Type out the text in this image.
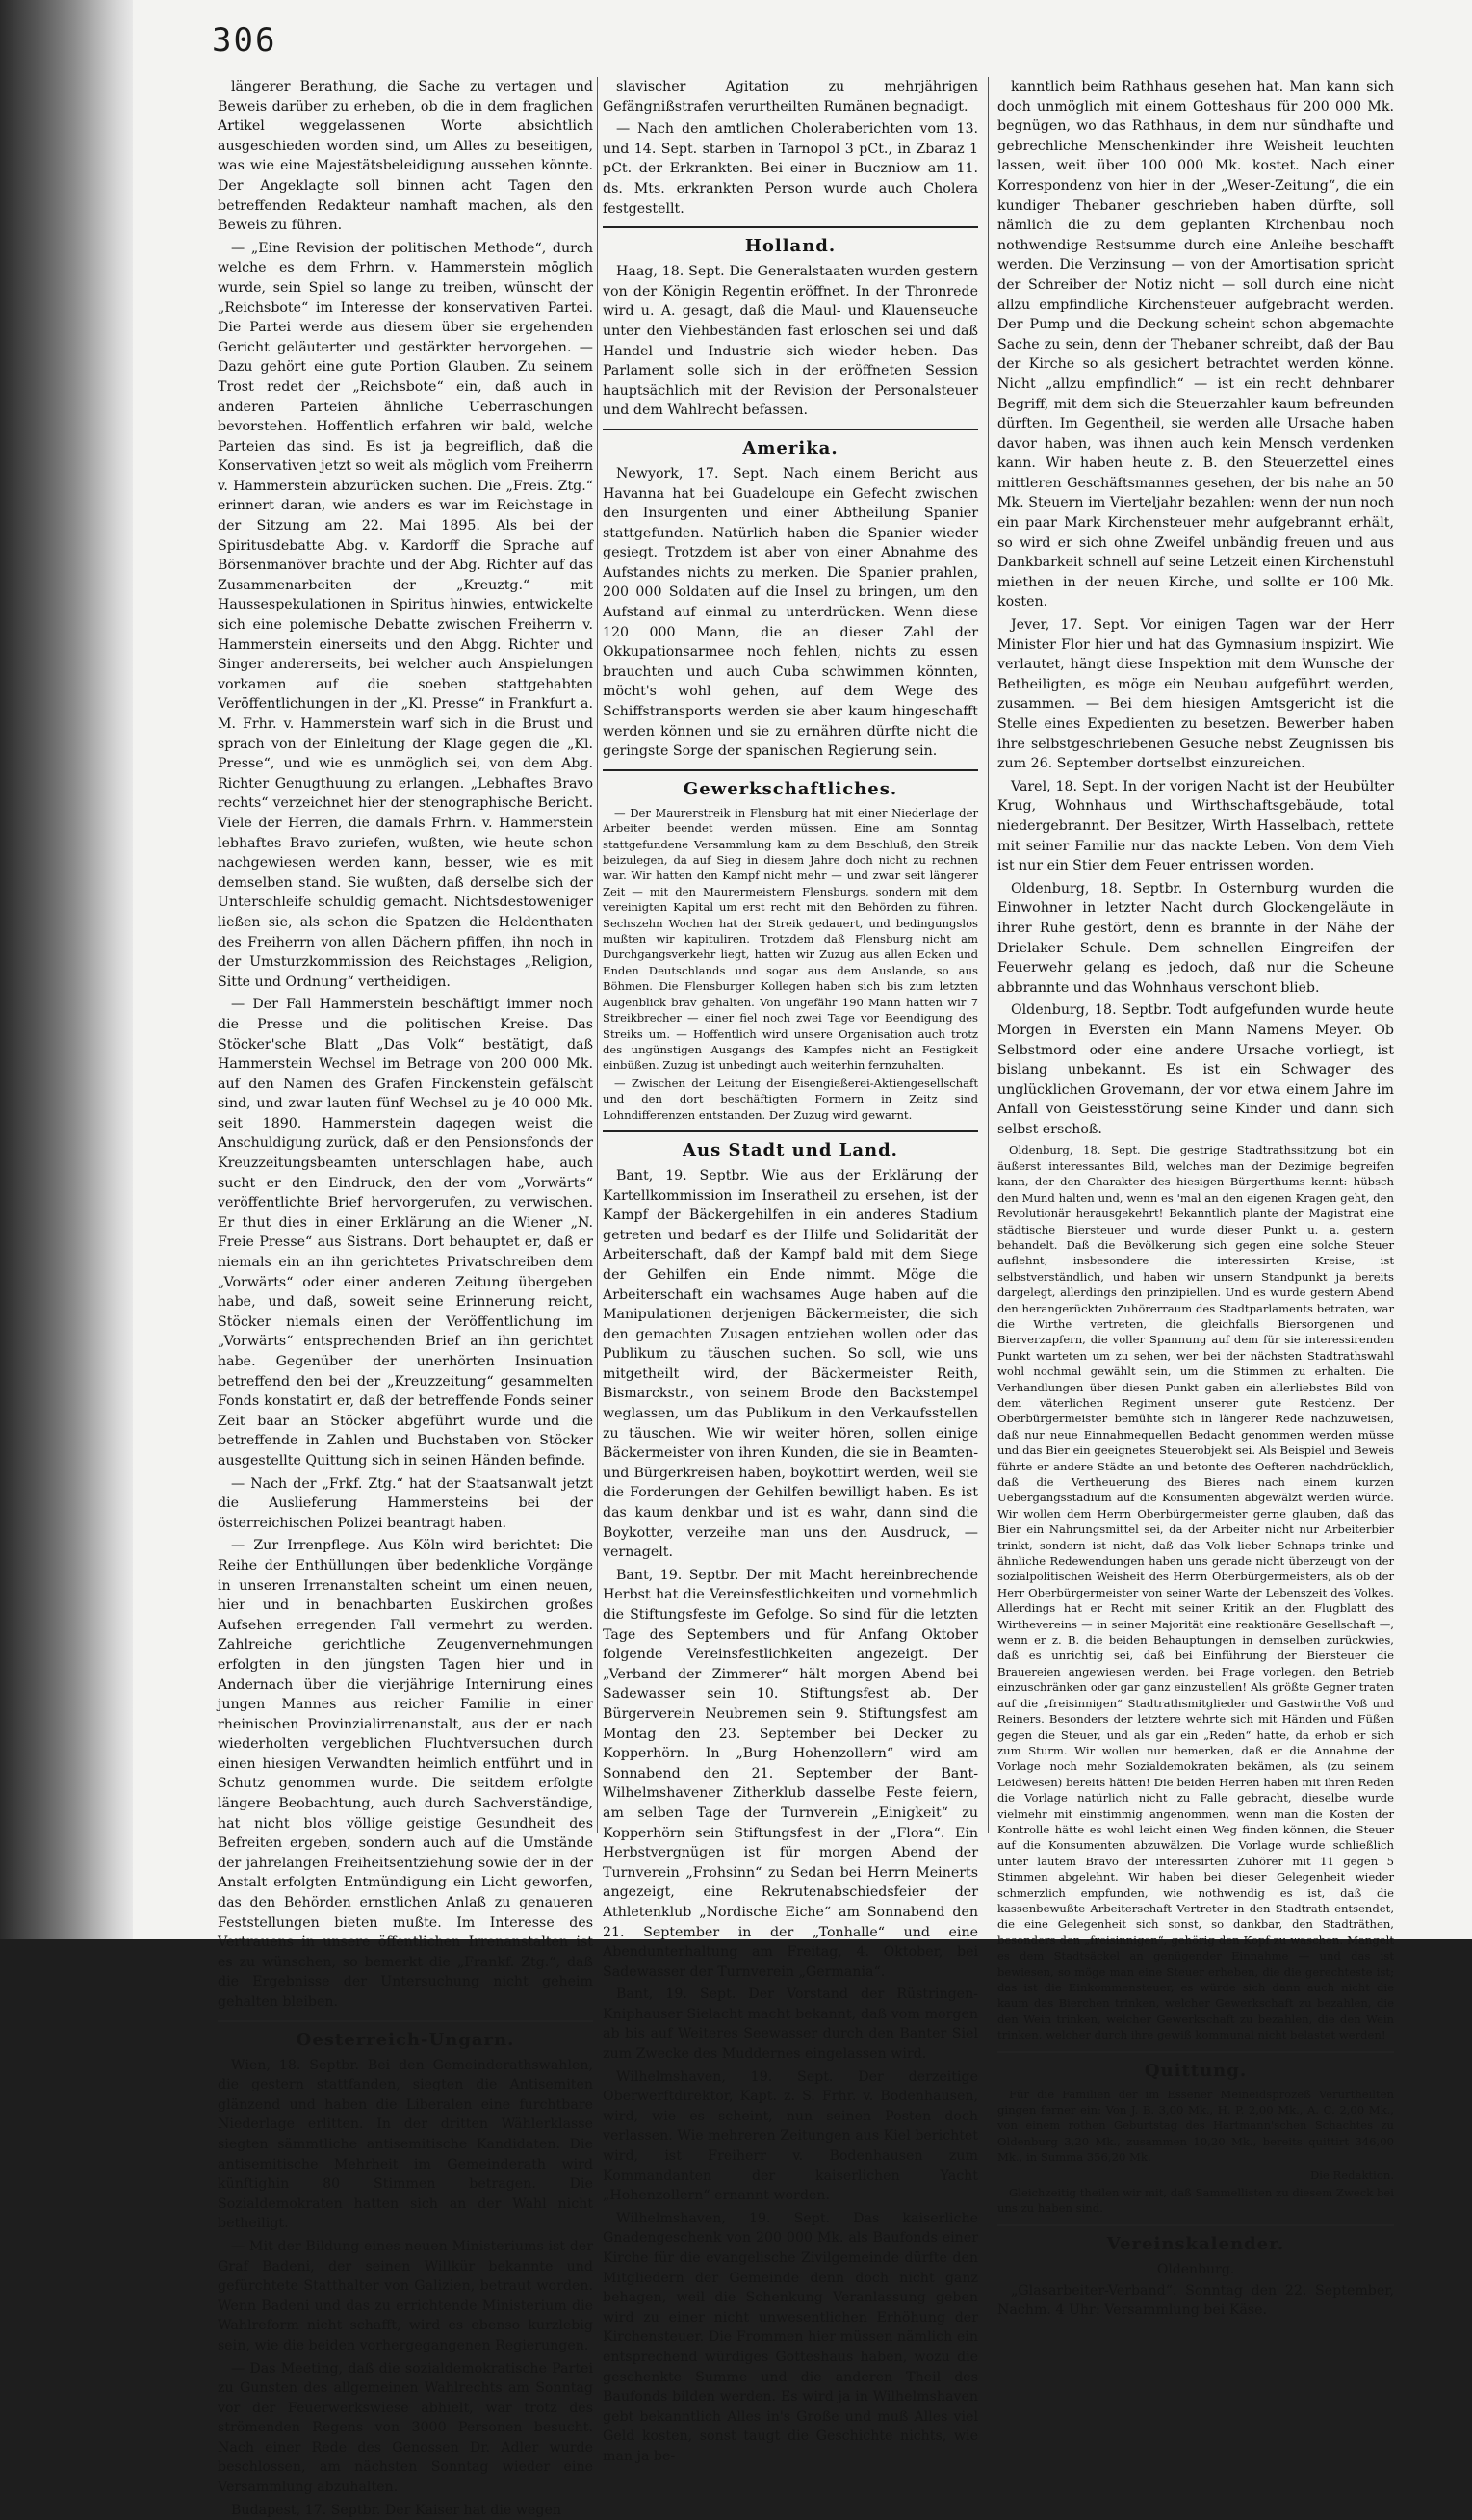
306

längerer Berathung, die Sache zu vertagen und Beweis darüber zu erheben, ob die in dem fraglichen Artikel weggelassenen Worte absichtlich ausgeschieden worden sind, um Alles zu beseitigen, was wie eine Majestätsbeleidigung aussehen könnte. Der Angeklagte soll binnen acht Tagen den betreffenden Redakteur namhaft machen, als den Beweis zu führen.

— „Eine Revision der politischen Methode“, durch welche es dem Frhrn. v. Hammerstein möglich wurde, sein Spiel so lange zu treiben, wünscht der „Reichsbote“ im Interesse der konservativen Partei. Die Partei werde aus diesem über sie ergehenden Gericht geläuterter und gestärkter hervorgehen. — Dazu gehört eine gute Portion Glauben. Zu seinem Trost redet der „Reichsbote“ ein, daß auch in anderen Parteien ähnliche Ueberraschungen bevorstehen. Hoffentlich erfahren wir bald, welche Parteien das sind. Es ist ja begreiflich, daß die Konservativen jetzt so weit als möglich vom Freiherrn v. Hammerstein abzurücken suchen. Die „Freis. Ztg.“ erinnert daran, wie anders es war im Reichstage in der Sitzung am 22. Mai 1895. Als bei der Spiritusdebatte Abg. v. Kardorff die Sprache auf Börsenmanöver brachte und der Abg. Richter auf das Zusammenarbeiten der „Kreuztg.“ mit Haussespekulationen in Spiritus hinwies, entwickelte sich eine polemische Debatte zwischen Freiherrn v. Hammerstein einerseits und den Abgg. Richter und Singer andererseits, bei welcher auch Anspielungen vorkamen auf die soeben stattgehabten Veröffentlichungen in der „Kl. Presse“ in Frankfurt a. M. Frhr. v. Hammerstein warf sich in die Brust und sprach von der Einleitung der Klage gegen die „Kl. Presse“, und wie es unmöglich sei, von dem Abg. Richter Genugthuung zu erlangen. „Lebhaftes Bravo rechts“ verzeichnet hier der stenographische Bericht. Viele der Herren, die damals Frhrn. v. Hammerstein lebhaftes Bravo zuriefen, wußten, wie heute schon nachgewiesen werden kann, besser, wie es mit demselben stand. Sie wußten, daß derselbe sich der Unterschleife schuldig gemacht. Nichtsdestoweniger ließen sie, als schon die Spatzen die Heldenthaten des Freiherrn von allen Dächern pfiffen, ihn noch in der Umsturzkommission des Reichstages „Religion, Sitte und Ordnung“ vertheidigen.

— Der Fall Hammerstein beschäftigt immer noch die Presse und die politischen Kreise. Das Stöcker'sche Blatt „Das Volk“ bestätigt, daß Hammerstein Wechsel im Betrage von 200 000 Mk. auf den Namen des Grafen Finckenstein gefälscht sind, und zwar lauten fünf Wechsel zu je 40 000 Mk. seit 1890. Hammerstein dagegen weist die Anschuldigung zurück, daß er den Pensionsfonds der Kreuzzeitungsbeamten unterschlagen habe, auch sucht er den Eindruck, den der vom „Vorwärts“ veröffentlichte Brief hervorgerufen, zu verwischen. Er thut dies in einer Erklärung an die Wiener „N. Freie Presse“ aus Sistrans. Dort behauptet er, daß er niemals ein an ihn gerichtetes Privatschreiben dem „Vorwärts“ oder einer anderen Zeitung übergeben habe, und daß, soweit seine Erinnerung reicht, Stöcker niemals einen der Veröffentlichung im „Vorwärts“ entsprechenden Brief an ihn gerichtet habe. Gegenüber der unerhörten Insinuation betreffend den bei der „Kreuzzeitung“ gesammelten Fonds konstatirt er, daß der betreffende Fonds seiner Zeit baar an Stöcker abgeführt wurde und die betreffende in Zahlen und Buchstaben von Stöcker ausgestellte Quittung sich in seinen Händen befinde.

— Nach der „Frkf. Ztg.“ hat der Staatsanwalt jetzt die Auslieferung Hammersteins bei der österreichischen Polizei beantragt haben.

— Zur Irrenpflege. Aus Köln wird berichtet: Die Reihe der Enthüllungen über bedenkliche Vorgänge in unseren Irrenanstalten scheint um einen neuen, hier und in benachbarten Euskirchen großes Aufsehen erregenden Fall vermehrt zu werden. Zahlreiche gerichtliche Zeugenvernehmungen erfolgten in den jüngsten Tagen hier und in Andernach über die vierjährige Internirung eines jungen Mannes aus reicher Familie in einer rheinischen Provinzialirrenanstalt, aus der er nach wiederholten vergeblichen Fluchtversuchen durch einen hiesigen Verwandten heimlich entführt und in Schutz genommen wurde. Die seitdem erfolgte längere Beobachtung, auch durch Sachverständige, hat nicht blos völlige geistige Gesundheit des Befreiten ergeben, sondern auch auf die Umstände der jahrelangen Freiheitsentziehung sowie der in der Anstalt erfolgten Entmündigung ein Licht geworfen, das den Behörden ernstlichen Anlaß zu genaueren Feststellungen bieten mußte. Im Interesse des Vertrauens in unsere öffentlichen Irrenanstalten ist es zu wünschen, so bemerkt die „Frankf. Ztg.“, daß die Ergebnisse der Untersuchung nicht geheim gehalten bleiben.

Oesterreich-Ungarn.

Wien, 18. Septbr. Bei den Gemeinderathswahlen, die gestern stattfanden, siegten die Antisemiten glänzend und haben die Liberalen eine furchtbare Niederlage erlitten. In der dritten Wählerklasse siegten sämmtliche antisemitische Kandidaten. Die antisemitische Mehrheit im Gemeinderath wird künftighin 80 Stimmen betragen. Die Sozialdemokraten hatten sich an der Wahl nicht betheiligt.

— Mit der Bildung eines neuen Ministeriums ist der Graf Badeni, der seinen Willkür bekannte und gefürchtete Statthalter von Galizien, betraut worden. Wenn Badeni und das zu errichtende Ministerium die Wahlreform nicht schafft, wird es ebenso kurzlebig sein, wie die beiden vorhergegangenen Regierungen.

— Das Meeting, daß die sozialdemokratische Partei zu Gunsten des allgemeinen Wahlrechts am Sonntag vor der Feuerwerkswiese abhielt, war trotz des strömenden Regens von 3000 Personen besucht. Nach einer Rede des Genossen Dr. Adler wurde beschlossen, am nächsten Sonntag wieder eine Versammlung abzuhalten.

Budapest, 17. Septbr. Der Kaiser hat die wegen

slavischer Agitation zu mehrjährigen Gefängnißstrafen verurtheilten Rumänen begnadigt.

— Nach den amtlichen Choleraberichten vom 13. und 14. Sept. starben in Tarnopol 3 pCt., in Zbaraz 1 pCt. der Erkrankten. Bei einer in Buczniow am 11. ds. Mts. erkrankten Person wurde auch Cholera festgestellt.

Holland.

Haag, 18. Sept. Die Generalstaaten wurden gestern von der Königin Regentin eröffnet. In der Thronrede wird u. A. gesagt, daß die Maul- und Klauenseuche unter den Viehbeständen fast erloschen sei und daß Handel und Industrie sich wieder heben. Das Parlament solle sich in der eröffneten Session hauptsächlich mit der Revision der Personalsteuer und dem Wahlrecht befassen.

Amerika.

Newyork, 17. Sept. Nach einem Bericht aus Havanna hat bei Guadeloupe ein Gefecht zwischen den Insurgenten und einer Abtheilung Spanier stattgefunden. Natürlich haben die Spanier wieder gesiegt. Trotzdem ist aber von einer Abnahme des Aufstandes nichts zu merken. Die Spanier prahlen, 200 000 Soldaten auf die Insel zu bringen, um den Aufstand auf einmal zu unterdrücken. Wenn diese 120 000 Mann, die an dieser Zahl der Okkupationsarmee noch fehlen, nichts zu essen brauchten und auch Cuba schwimmen könnten, möcht's wohl gehen, auf dem Wege des Schiffstransports werden sie aber kaum hingeschafft werden können und sie zu ernähren dürfte nicht die geringste Sorge der spanischen Regierung sein.

Gewerkschaftliches.

— Der Maurerstreik in Flensburg hat mit einer Niederlage der Arbeiter beendet werden müssen. Eine am Sonntag stattgefundene Versammlung kam zu dem Beschluß, den Streik beizulegen, da auf Sieg in diesem Jahre doch nicht zu rechnen war. Wir hatten den Kampf nicht mehr — und zwar seit längerer Zeit — mit den Maurermeistern Flensburgs, sondern mit dem vereinigten Kapital um erst recht mit den Behörden zu führen. Sechszehn Wochen hat der Streik gedauert, und bedingungslos mußten wir kapituliren. Trotzdem daß Flensburg nicht am Durchgangsverkehr liegt, hatten wir Zuzug aus allen Ecken und Enden Deutschlands und sogar aus dem Auslande, so aus Böhmen. Die Flensburger Kollegen haben sich bis zum letzten Augenblick brav gehalten. Von ungefähr 190 Mann hatten wir 7 Streikbrecher — einer fiel noch zwei Tage vor Beendigung des Streiks um. — Hoffentlich wird unsere Organisation auch trotz des ungünstigen Ausgangs des Kampfes nicht an Festigkeit einbüßen. Zuzug ist unbedingt auch weiterhin fernzuhalten.

— Zwischen der Leitung der Eisengießerei-Aktiengesellschaft und den dort beschäftigten Formern in Zeitz sind Lohndifferenzen entstanden. Der Zuzug wird gewarnt.

Aus Stadt und Land.

Bant, 19. Septbr. Wie aus der Erklärung der Kartellkommission im Inseratheil zu ersehen, ist der Kampf der Bäckergehilfen in ein anderes Stadium getreten und bedarf es der Hilfe und Solidarität der Arbeiterschaft, daß der Kampf bald mit dem Siege der Gehilfen ein Ende nimmt. Möge die Arbeiterschaft ein wachsames Auge haben auf die Manipulationen derjenigen Bäckermeister, die sich den gemachten Zusagen entziehen wollen oder das Publikum zu täuschen suchen. So soll, wie uns mitgetheilt wird, der Bäckermeister Reith, Bismarckstr., von seinem Brode den Backstempel weglassen, um das Publikum in den Verkaufsstellen zu täuschen. Wie wir weiter hören, sollen einige Bäckermeister von ihren Kunden, die sie in Beamten- und Bürgerkreisen haben, boykottirt werden, weil sie die Forderungen der Gehilfen bewilligt haben. Es ist das kaum denkbar und ist es wahr, dann sind die Boykotter, verzeihe man uns den Ausdruck, — vernagelt.

Bant, 19. Septbr. Der mit Macht hereinbrechende Herbst hat die Vereinsfestlichkeiten und vornehmlich die Stiftungsfeste im Gefolge. So sind für die letzten Tage des Septembers und für Anfang Oktober folgende Vereinsfestlichkeiten angezeigt. Der „Verband der Zimmerer“ hält morgen Abend bei Sadewasser sein 10. Stiftungsfest ab. Der Bürgerverein Neubremen sein 9. Stiftungsfest am Montag den 23. September bei Decker zu Kopperhörn. In „Burg Hohenzollern“ wird am Sonnabend den 21. September der Bant-Wilhelmshavener Zitherklub dasselbe Feste feiern, am selben Tage der Turnverein „Einigkeit“ zu Kopperhörn sein Stiftungsfest in der „Flora“. Ein Herbstvergnügen ist für morgen Abend der Turnverein „Frohsinn“ zu Sedan bei Herrn Meinerts angezeigt, eine Rekrutenabschiedsfeier der Athletenklub „Nordische Eiche“ am Sonnabend den 21. September in der „Tonhalle“ und eine Abendunterhaltung am Freitag, 4. Oktober, bei Sadewasser der Turnverein „Germania“.

Bant, 19. Sept. Der Vorstand der Rüstringen-Kniphauser Sielacht macht bekannt, daß vom morgen ab bis auf Weiteres Seewasser durch den Banter Siel zum Zwecke des Muddernes eingelassen wird.

Wilhelmshaven, 19. Sept. Der derzeitige Oberwerftdirektor, Kapt. z. S. Frhr. v. Bodenhausen, wird, wie es scheint, nun seinen Posten doch verlassen. Wie mehreren Zeitungen aus Kiel berichtet wird, ist Freiherr v. Bodenhausen zum Kommandanten der kaiserlichen Yacht „Hohenzollern“ ernannt worden.

Wilhelmshaven, 19. Sept. Das kaiserliche Gnadengeschenk von 200 000 Mk. als Baufonds einer Kirche für die evangelische Zivilgemeinde dürfte den Mitgliedern der Gemeinde denn doch nicht ganz behagen, weil die Schenkung Veranlassung geben wird zu einer nicht unwesentlichen Erhöhung der Kirchensteuer. Die Frommen hier müssen nämlich ein entsprechend würdiges Gotteshaus haben, wozu die geschenkte Summe und die anderen Theil des Baufonds bilden werden. Es wird ja in Wilhelmshaven gebt bekanntlich Alles in's Große und muß Alles viel Geld kosten, sonst taugt die Geschichte nichts, wie man ja be-

kanntlich beim Rathhaus gesehen hat. Man kann sich doch unmöglich mit einem Gotteshaus für 200 000 Mk. begnügen, wo das Rathhaus, in dem nur sündhafte und gebrechliche Menschenkinder ihre Weisheit leuchten lassen, weit über 100 000 Mk. kostet. Nach einer Korrespondenz von hier in der „Weser-Zeitung“, die ein kundiger Thebaner geschrieben haben dürfte, soll nämlich die zu dem geplanten Kirchenbau noch nothwendige Restsumme durch eine Anleihe beschafft werden. Die Verzinsung — von der Amortisation spricht der Schreiber der Notiz nicht — soll durch eine nicht allzu empfindliche Kirchensteuer aufgebracht werden. Der Pump und die Deckung scheint schon abgemachte Sache zu sein, denn der Thebaner schreibt, daß der Bau der Kirche so als gesichert betrachtet werden könne. Nicht „allzu empfindlich“ — ist ein recht dehnbarer Begriff, mit dem sich die Steuerzahler kaum befreunden dürften. Im Gegentheil, sie werden alle Ursache haben davor haben, was ihnen auch kein Mensch verdenken kann. Wir haben heute z. B. den Steuerzettel eines mittleren Geschäftsmannes gesehen, der bis nahe an 50 Mk. Steuern im Vierteljahr bezahlen; wenn der nun noch ein paar Mark Kirchensteuer mehr aufgebrannt erhält, so wird er sich ohne Zweifel unbändig freuen und aus Dankbarkeit schnell auf seine Letzeit einen Kirchenstuhl miethen in der neuen Kirche, und sollte er 100 Mk. kosten.

Jever, 17. Sept. Vor einigen Tagen war der Herr Minister Flor hier und hat das Gymnasium inspizirt. Wie verlautet, hängt diese Inspektion mit dem Wunsche der Betheiligten, es möge ein Neubau aufgeführt werden, zusammen. — Bei dem hiesigen Amtsgericht ist die Stelle eines Expedienten zu besetzen. Bewerber haben ihre selbstgeschriebenen Gesuche nebst Zeugnissen bis zum 26. September dortselbst einzureichen.

Varel, 18. Sept. In der vorigen Nacht ist der Heubülter Krug, Wohnhaus und Wirthschaftsgebäude, total niedergebrannt. Der Besitzer, Wirth Hasselbach, rettete mit seiner Familie nur das nackte Leben. Von dem Vieh ist nur ein Stier dem Feuer entrissen worden.

Oldenburg, 18. Septbr. In Osternburg wurden die Einwohner in letzter Nacht durch Glockengeläute in ihrer Ruhe gestört, denn es brannte in der Nähe der Drielaker Schule. Dem schnellen Eingreifen der Feuerwehr gelang es jedoch, daß nur die Scheune abbrannte und das Wohnhaus verschont blieb.

Oldenburg, 18. Septbr. Todt aufgefunden wurde heute Morgen in Eversten ein Mann Namens Meyer. Ob Selbstmord oder eine andere Ursache vorliegt, ist bislang unbekannt. Es ist ein Schwager des unglücklichen Grovemann, der vor etwa einem Jahre im Anfall von Geistesstörung seine Kinder und dann sich selbst erschoß.

Oldenburg, 18. Sept. Die gestrige Stadtrathssitzung bot ein äußerst interessantes Bild, welches man der Dezimige begreifen kann, der den Charakter des hiesigen Bürgerthums kennt: hübsch den Mund halten und, wenn es 'mal an den eigenen Kragen geht, den Revolutionär herausgekehrt! Bekanntlich plante der Magistrat eine städtische Biersteuer und wurde dieser Punkt u. a. gestern behandelt. Daß die Bevölkerung sich gegen eine solche Steuer auflehnt, insbesondere die interessirten Kreise, ist selbstverständlich, und haben wir unsern Standpunkt ja bereits dargelegt, allerdings den prinzipiellen. Und es wurde gestern Abend den herangerückten Zuhörerraum des Stadtparlaments betraten, war die Wirthe vertreten, die gleichfalls Biersorgenen und Bierverzapfern, die voller Spannung auf dem für sie interessirenden Punkt warteten um zu sehen, wer bei der nächsten Stadtrathswahl wohl nochmal gewählt sein, um die Stimmen zu erhalten. Die Verhandlungen über diesen Punkt gaben ein allerliebstes Bild von dem väterlichen Regiment unserer gute Restdenz. Der Oberbürgermeister bemühte sich in längerer Rede nachzuweisen, daß nur neue Einnahmequellen Bedacht genommen werden müsse und das Bier ein geeignetes Steuerobjekt sei. Als Beispiel und Beweis führte er andere Städte an und betonte des Oefteren nachdrücklich, daß die Vertheuerung des Bieres nach einem kurzen Uebergangsstadium auf die Konsumenten abgewälzt werden würde. Wir wollen dem Herrn Oberbürgermeister gerne glauben, daß das Bier ein Nahrungsmittel sei, da der Arbeiter nicht nur Arbeiterbier trinkt, sondern ist nicht, daß das Volk lieber Schnaps trinke und ähnliche Redewendungen haben uns gerade nicht überzeugt von der sozialpolitischen Weisheit des Herrn Oberbürgermeisters, als ob der Herr Oberbürgermeister von seiner Warte der Lebenszeit des Volkes. Allerdings hat er Recht mit seiner Kritik an den Flugblatt des Wirthevereins — in seiner Majorität eine reaktionäre Gesellschaft —, wenn er z. B. die beiden Behauptungen in demselben zurückwies, daß es unrichtig sei, daß bei Einführung der Biersteuer die Brauereien angewiesen werden, bei Frage vorlegen, den Betrieb einzuschränken oder gar ganz einzustellen! Als größte Gegner traten auf die „freisinnigen“ Stadtrathsmitglieder und Gastwirthe Voß und Reiners. Besonders der letztere wehrte sich mit Händen und Füßen gegen die Steuer, und als gar ein „Reden“ hatte, da erhob er sich zum Sturm. Wir wollen nur bemerken, daß er die Annahme der Vorlage noch mehr Sozialdemokraten bekämen, als (zu seinem Leidwesen) bereits hätten! Die beiden Herren haben mit ihren Reden die Vorlage natürlich nicht zu Falle gebracht, dieselbe wurde vielmehr mit einstimmig angenommen, wenn man die Kosten der Kontrolle hätte es wohl leicht einen Weg finden können, die Steuer auf die Konsumenten abzuwälzen. Die Vorlage wurde schließlich unter lautem Bravo der interessirten Zuhörer mit 11 gegen 5 Stimmen abgelehnt. Wir haben bei dieser Gelegenheit wieder schmerzlich empfunden, wie nothwendig es ist, daß die kassenbewußte Arbeiterschaft Vertreter in den Stadtrath entsendet, die eine Gelegenheit sich sonst, so dankbar, den Stadträthen, besonders den „freisinnigen“, gehörig den Kopf zu waschen. Mangelt es dem Stadtsäckel an genügender Einnahme — und das ist bewiesen, so möge man eine Steuer erheben, die die gerechteste ist; das ist die Einkommensteuer, es würde sich dann auch nicht die kaum das Bierchen trinken, welcher Gewerkschaft zu bezahlen, die den Wein trinken, welcher Gewerkschaft zu bezahlen, die den Wein trinken, welcher durch ihre gewiß kommunal nicht belastet werden!

Quittung.

Für die Familien der im Essener Meineidsprozeß Verurtheilten gingen ferner ein: Von J. B. 3,00 Mk., H. P. 2,00 Mk., A. C. 2,00 Mk., von einem rothen Geburtstag des Hartmann'schen Schachtes zu Oldenburg 3,20 Mk., zusammen 10,20 Mk., bereits quittirt 346,00 Mk., in Summa 356,20 Mk.

Die Redaktion.

Gleichzeitig theilen wir mit, daß Sammellisten zu diesem Zweck bei uns zu haben sind.

Vereinskalender.

Oldenburg.

„Glasarbeiter-Verband“. Sonntag den 22. September, Nachm. 4 Uhr: Versammlung bei Käse.
